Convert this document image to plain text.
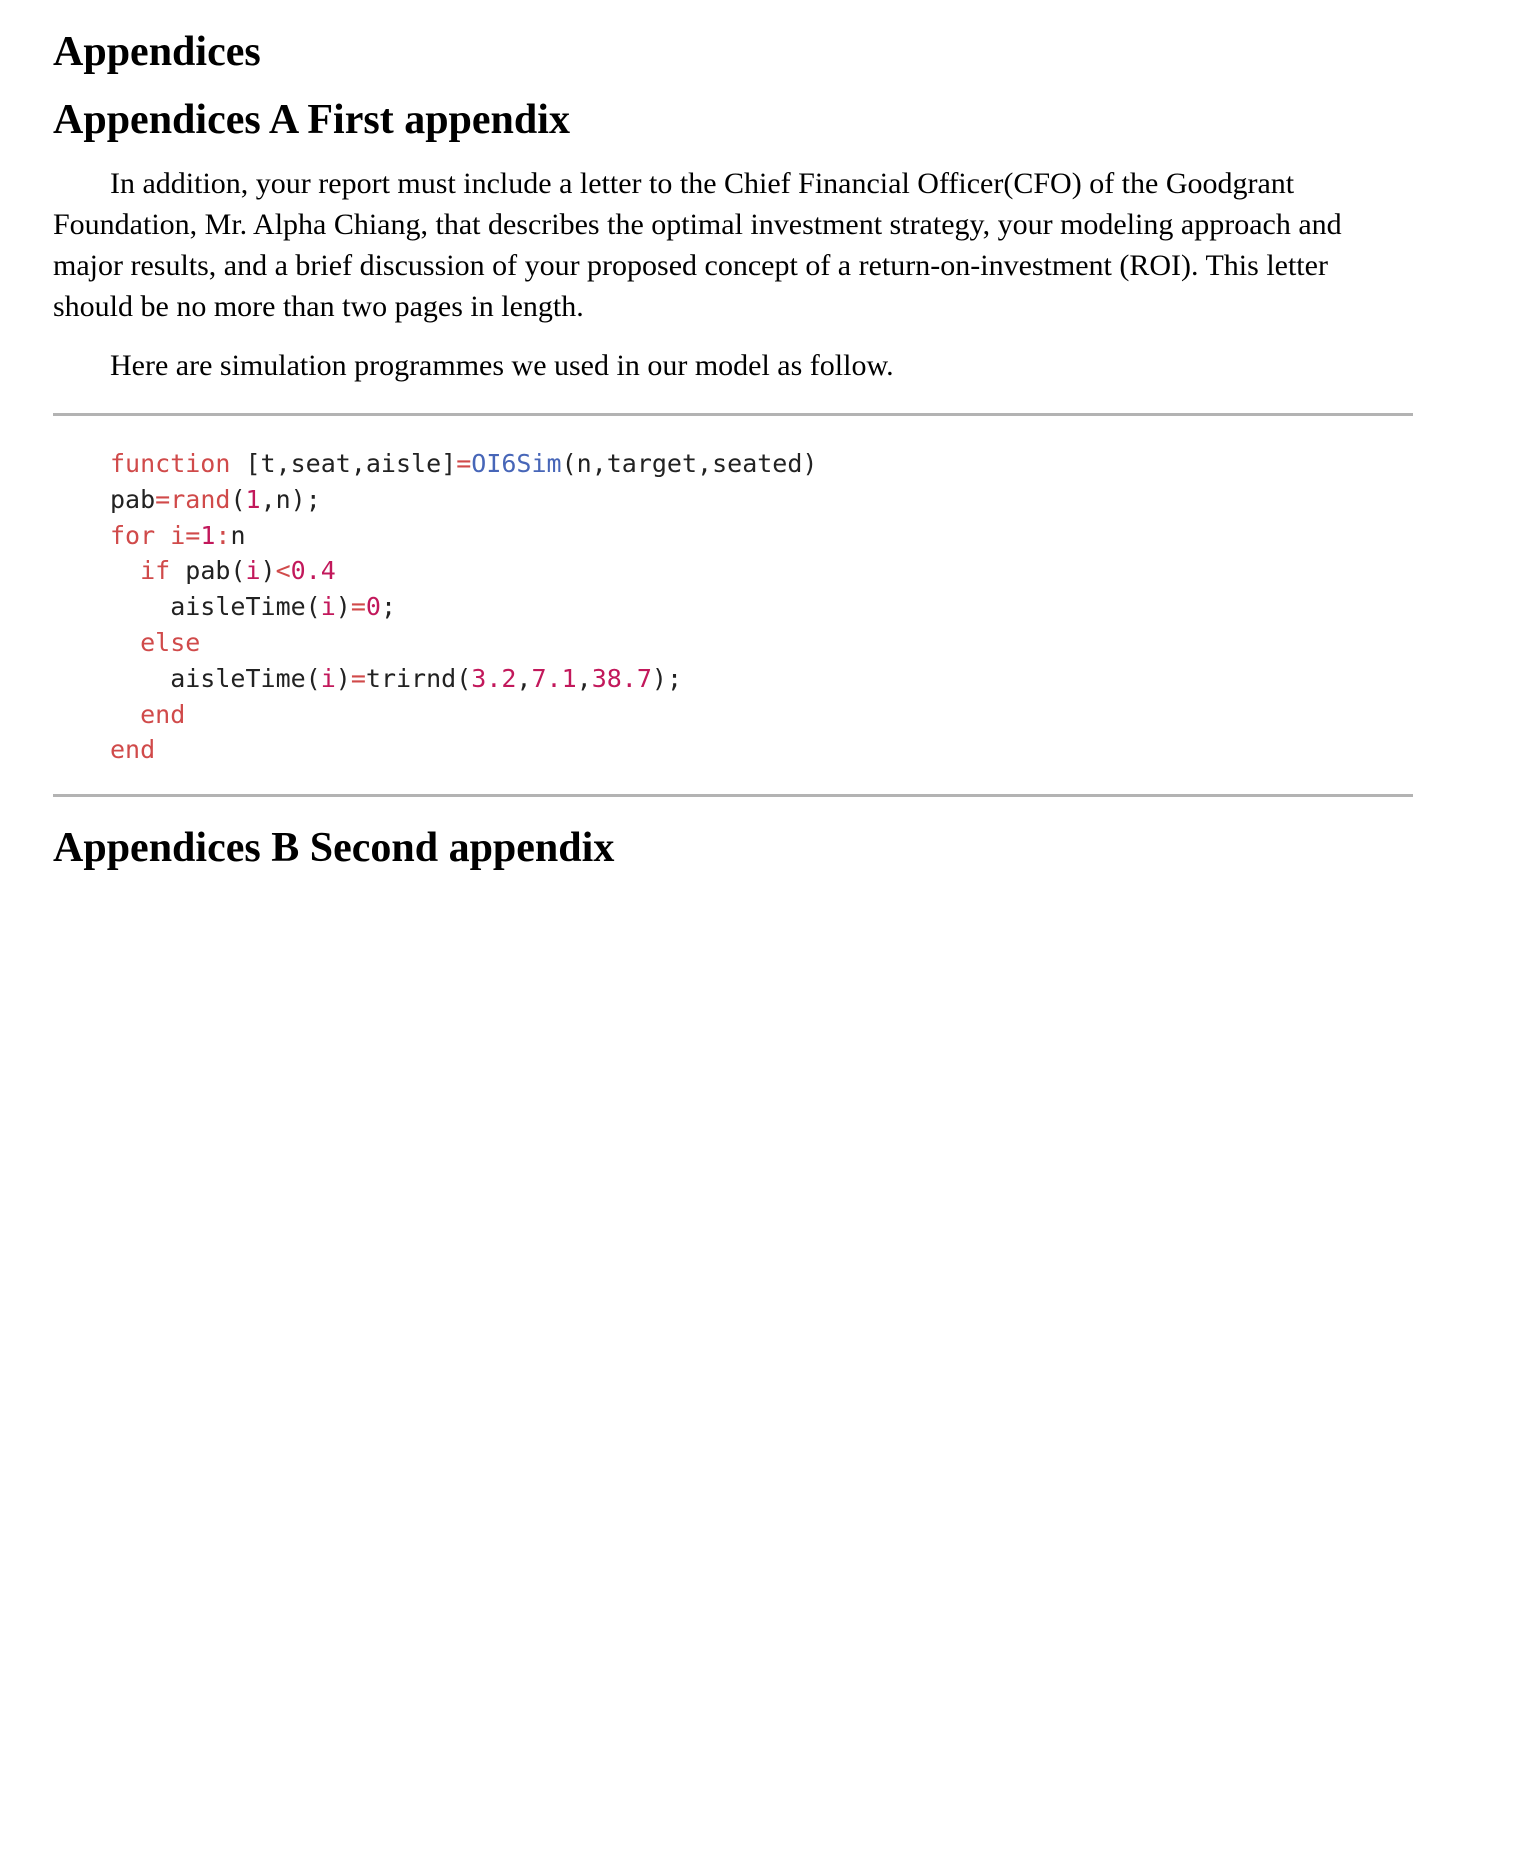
Appendices
Appendices A First appendix

In addition, your report must include a letter to the Chief Financial Officer(CFO) of the Goodgrant Foundation, Mr. Alpha Chiang, that describes the optimal investment strategy, your modeling approach and major results, and a brief discussion of your proposed concept of a return-on-investment (ROI). This letter should be no more than two pages in length.

Here are simulation programmes we used in our model as follow.

function [t,seat,aisle]=OI6Sim(n,target,seated)
pab=rand(1,n);
for i=1:n
if pab(i)<0.4
aisleTime(i)=0;
else
aisleTime(i)=trirnd(3.2,7.1,38.7);
end
end
Appendices B Second appendix
